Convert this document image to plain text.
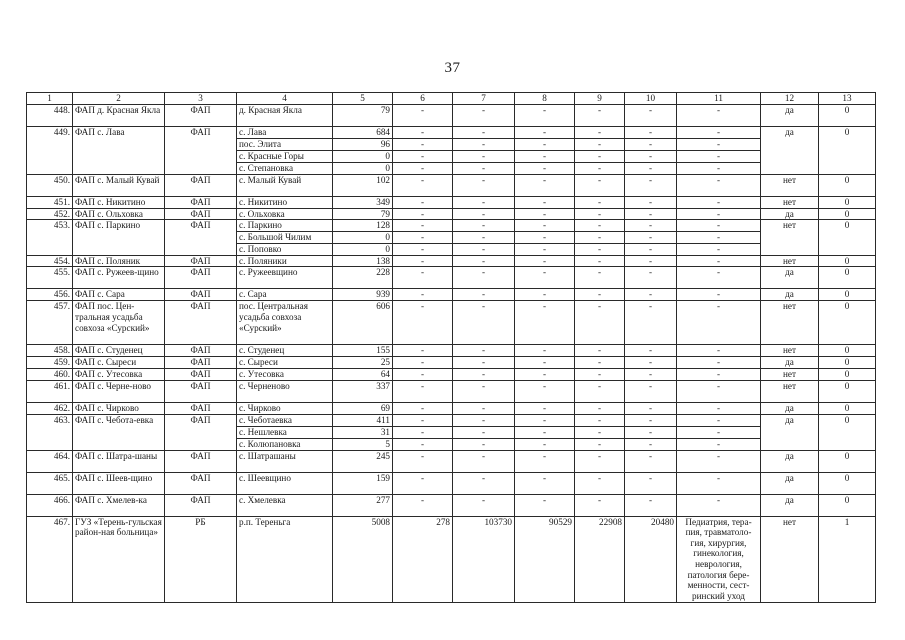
37
1	2	3	4	5	6	7	8	9	10	11	12	13
448.	ФАП д. Красная Якла	ФАП	д. Красная Якла	79	-	-	-	-	-	-	да	0
449.	ФАП с. Лава	ФАП	с. Лава	684	-	-	-	-	-	-	да	0
			пос. Элита	96	-	-	-	-	-	-		
			с. Красные Горы	0	-	-	-	-	-	-		
			с. Степановка	0	-	-	-	-	-	-		
450.	ФАП с. Малый Кувай	ФАП	с. Малый Кувай	102	-	-	-	-	-	-	нет	0
451.	ФАП с. Никитино	ФАП	с. Никитино	349	-	-	-	-	-	-	нет	0
452.	ФАП с. Ольховка	ФАП	с. Ольховка	79	-	-	-	-	-	-	да	0
453.	ФАП с. Паркино	ФАП	с. Паркино	128	-	-	-	-	-	-	нет	0
			с. Большой Чилим	0	-	-	-	-	-	-		
			с. Поповко	0	-	-	-	-	-	-		
454.	ФАП с. Поляник	ФАП	с. Поляники	138	-	-	-	-	-	-	нет	0
455.	ФАП с. Ружеев-щино	ФАП	с. Ружеевщино	228	-	-	-	-	-	-	да	0
456.	ФАП с. Сара	ФАП	с. Сара	939	-	-	-	-	-	-	да	0
457.	ФАП пос. Цен-тральная усадьба совхоза «Сурский»	ФАП	пос. Центральная усадьба совхоза «Сурский»	606	-	-	-	-	-	-	нет	0
458.	ФАП с. Студенец	ФАП	с. Студенец	155	-	-	-	-	-	-	нет	0
459.	ФАП с. Сыреси	ФАП	с. Сыреси	25	-	-	-	-	-	-	да	0
460.	ФАП с. Утесовка	ФАП	с. Утесовка	64	-	-	-	-	-	-	нет	0
461.	ФАП с. Черне-ново	ФАП	с. Черненово	337	-	-	-	-	-	-	нет	0
462.	ФАП с. Чирково	ФАП	с. Чирково	69	-	-	-	-	-	-	да	0
463.	ФАП с. Чебота-евка	ФАП	с. Чеботаевка	411	-	-	-	-	-	-	да	0
			с. Нешлевка	31	-	-	-	-	-	-		
			с. Колюпановка	5	-	-	-	-	-	-		
464.	ФАП с. Шатра-шаны	ФАП	с. Шатрашаны	245	-	-	-	-	-	-	да	0
465.	ФАП с. Шеев-щино	ФАП	с. Шеевщино	159	-	-	-	-	-	-	да	0
466.	ФАП с. Хмелев-ка	ФАП	с. Хмелевка	277	-	-	-	-	-	-	да	0
467.	ГУЗ «Терень-гульская район-ная больница»	РБ	р.п. Тереньга	5008	278	103730	90529	22908	20480	Педиатрия, тера-пия, травматоло-гия, хирургия, гинекология, неврология, патология бере-менности, сест-ринский уход	нет	1
